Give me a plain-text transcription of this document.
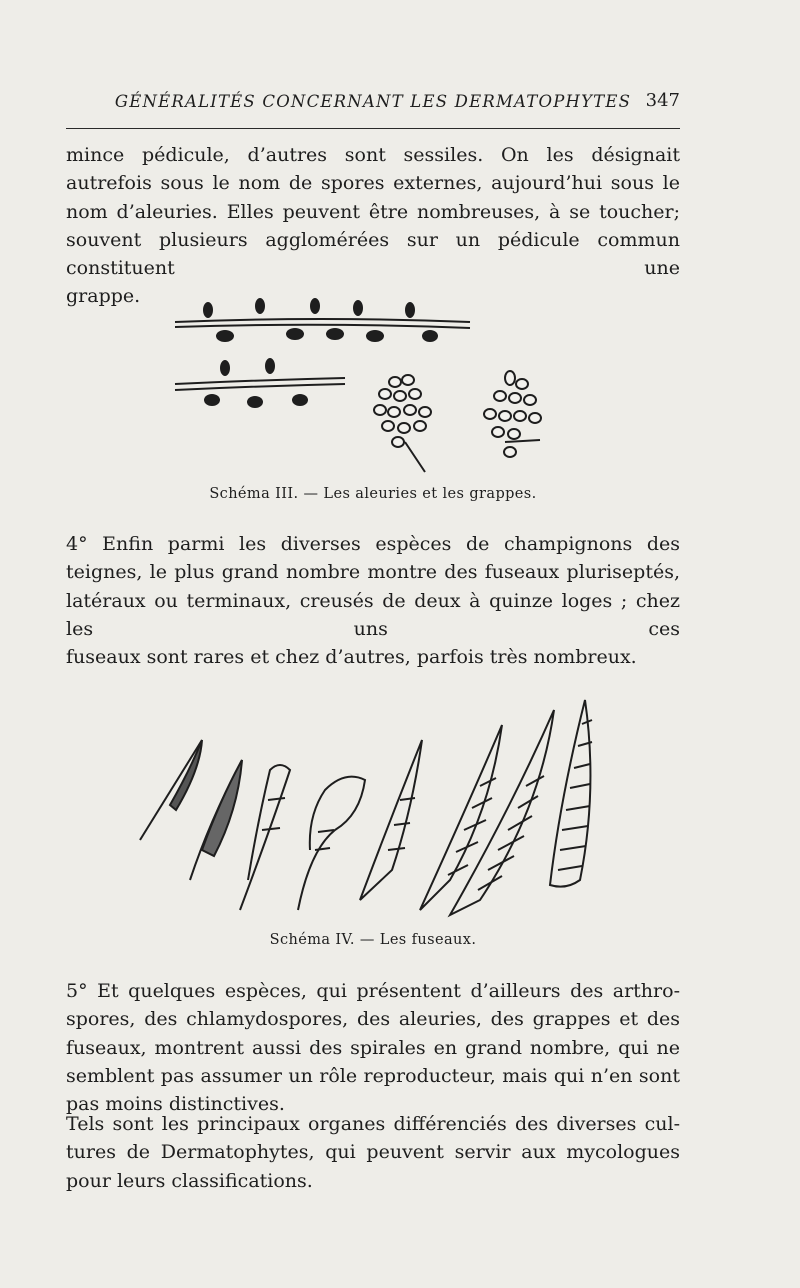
GÉNÉRALITÉS CONCERNANT LES DERMATOPHYTES 347

mince pédicule, d’autres sont sessiles. On les désignait autrefois sous le nom de spores externes, aujourd’hui sous le nom d’aleuries. Elles peuvent être nombreuses, à se toucher; souvent plusieurs agglomérées sur un pédicule commun constituent une
grappe.

Schéma III. — Les aleuries et les grappes.

4° Enfin parmi les diverses espèces de champignons des teignes, le plus grand nombre montre des fuseaux pluriseptés, latéraux ou terminaux, creusés de deux à quinze loges ; chez les uns ces
fuseaux sont rares et chez d’autres, parfois très nombreux.

Schéma IV. — Les fuseaux.

5° Et quelques espèces, qui présentent d’ailleurs des arthrospores, des chlamydospores, des aleuries, des grappes et des fuseaux, montrent aussi des spirales en grand nombre, qui ne semblent pas assumer un rôle reproducteur, mais qui n’en sont
pas moins distinctives.

Tels sont les principaux organes différenciés des diverses cultures de Dermatophytes, qui peuvent servir aux mycologues
pour leurs classifications.
